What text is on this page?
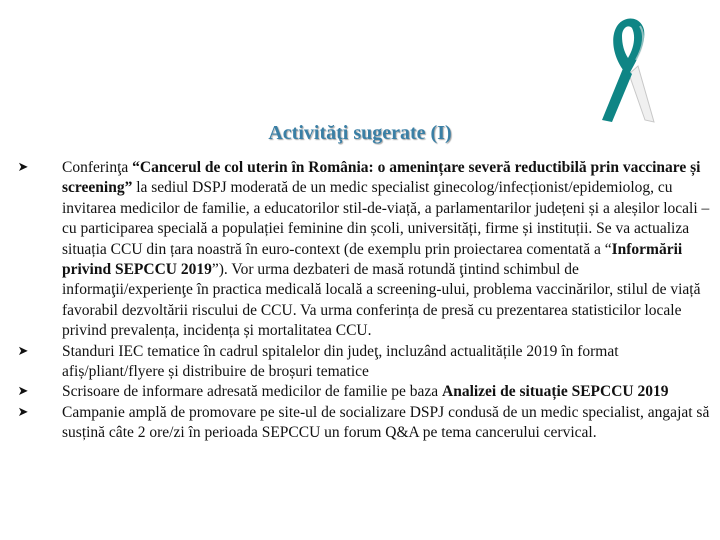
Activităţi sugerate (I)
➤ Conferinţa “Cancerul de col uterin în România: o amenințare severă reductibilă prin vaccinare și screening” la sediul DSPJ moderată de un medic specialist ginecolog/infecționist/epidemiolog, cu invitarea medicilor de familie, a educatorilor stil-de-viață, a parlamentarilor județeni și a aleșilor locali – cu participarea specială a populației feminine din școli, universități, firme și instituții. Se va actualiza situația CCU din țara noastră în euro-context (de exemplu prin proiectarea comentată a “Informării privind SEPCCU 2019”). Vor urma dezbateri de masă rotundă ţintind schimbul de informaţii/experienţe în practica medicală locală a screening-ului, problema vaccinărilor, stilul de viață favorabil dezvoltării riscului de CCU. Va urma conferința de presă cu prezentarea statisticilor locale privind prevalența, incidența și mortalitatea CCU.
➤ Standuri IEC tematice în cadrul spitalelor din judeţ, incluzând actualitățile 2019 în format afiș/pliant/flyere și distribuire de broșuri tematice
➤ Scrisoare de informare adresată medicilor de familie pe baza Analizei de situație SEPCCU 2019
➤ Campanie amplă de promovare pe site-ul de socializare DSPJ condusă de un medic specialist, angajat să susțină câte 2 ore/zi în perioada SEPCCU un forum Q&A pe tema cancerului cervical.
